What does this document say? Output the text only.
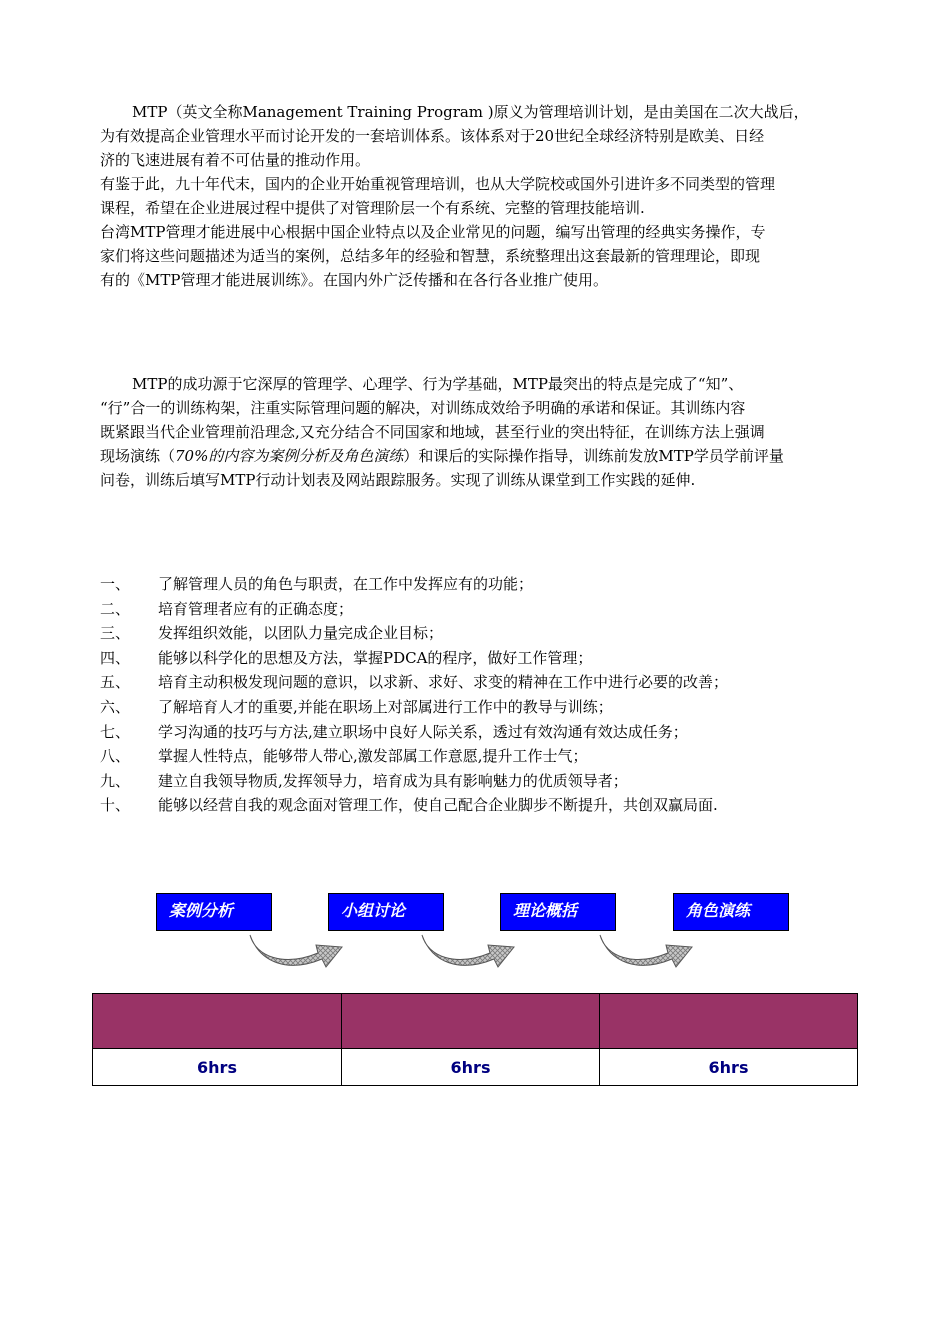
MTP（英文全称Management Training Program )原义为管理培训计划，是由美国在二次大战后，
为有效提高企业管理水平而讨论开发的一套培训体系。该体系对于20世纪全球经济特别是欧美、日经
济的飞速进展有着不可估量的推动作用。
有鉴于此，九十年代末，国内的企业开始重视管理培训，也从大学院校或国外引进许多不同类型的管理
课程，希望在企业进展过程中提供了对管理阶层一个有系统、完整的管理技能培训.
台湾MTP管理才能进展中心根据中国企业特点以及企业常见的问题，编写出管理的经典实务操作，专
家们将这些问题描述为适当的案例，总结多年的经验和智慧，系统整理出这套最新的管理理论，即现
有的《MTP管理才能进展训练》。在国内外广泛传播和在各行各业推广使用。
MTP的成功源于它深厚的管理学、心理学、行为学基础，MTP最突出的特点是完成了“知”、
“行”合一的训练构架，注重实际管理问题的解决，对训练成效给予明确的承诺和保证。其训练内容
既紧跟当代企业管理前沿理念,又充分结合不同国家和地域，甚至行业的突出特征，在训练方法上强调
现场演练（70%的内容为案例分析及角色演练）和课后的实际操作指导，训练前发放MTP学员学前评量
问卷，训练后填写MTP行动计划表及网站跟踪服务。实现了训练从课堂到工作实践的延伸.
一、	了解管理人员的角色与职责，在工作中发挥应有的功能；
二、	培育管理者应有的正确态度；
三、	发挥组织效能，以团队力量完成企业目标；
四、	能够以科学化的思想及方法，掌握PDCA的程序，做好工作管理；
五、	培育主动积极发现问题的意识，以求新、求好、求变的精神在工作中进行必要的改善；
六、	了解培育人才的重要,并能在职场上对部属进行工作中的教导与训练；
七、	学习沟通的技巧与方法,建立职场中良好人际关系，透过有效沟通有效达成任务；
八、	掌握人性特点，能够带人带心,激发部属工作意愿,提升工作士气；
九、	建立自我领导物质,发挥领导力，培育成为具有影响魅力的优质领导者；
十、	能够以经营自我的观念面对管理工作，使自己配合企业脚步不断提升，共创双赢局面.
案例分析	小组讨论	理论概括	角色演练

6hrs	6hrs	6hrs
